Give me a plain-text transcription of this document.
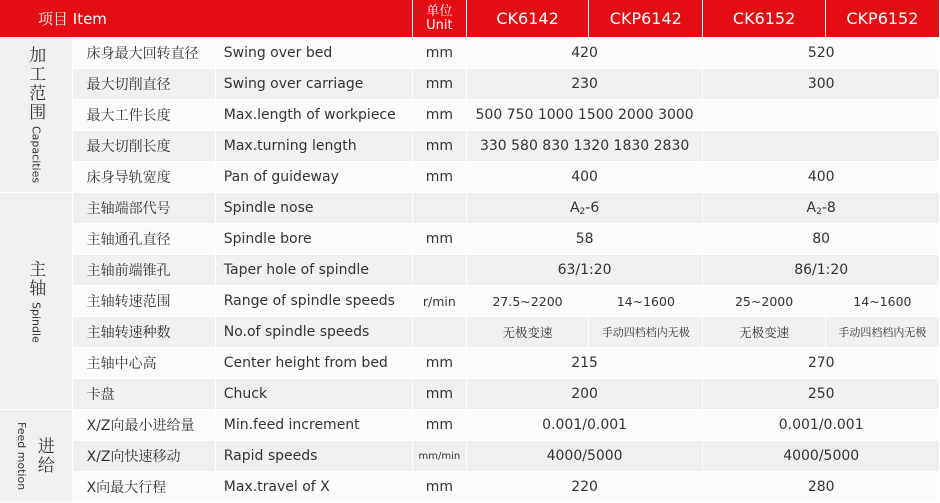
项目 Item			单位
Unit	CK6142	CKP6142	CK6152	CKP6152

加工范围
Capacities	床身最大回转直径	Swing over bed	mm	420		520	
	最大切削直径	Swing over carriage	mm	230		300	
	最大工件长度	Max.length of workpiece	mm	500 750 1000 1500 2000 3000			
	最大切削长度	Max.turning length	mm	330 580 830 1320 1830 2830			
	床身导轨宽度	Pan of guideway	mm	400		400	

主轴
Spindle	主轴端部代号	Spindle nose		$A_2-6$		$A_2-8$	
	主轴通孔直径	Spindle bore	mm	58		80	
	主轴前端锥孔	Taper hole of spindle		63/1:20		86/1:20	
	主轴转速范围	Range of spindle speeds	r/min	27.5~2200	14~1600	25~2000	14~1600
	主轴转速种数	No.of spindle speeds		无极变速	手动四档档内无极	无极变速	手动四档档内无极
	主轴中心高	Center height from bed	mm	215		270	
	卡盘	Chuck	mm	200		250	

Feed motion 进给	X/Z向最小进给量	Min.feed increment	mm	0.001/0.001		0.001/0.001	
	X/Z向快速移动	Rapid speeds	mm/min	4000/5000		4000/5000	
	X向最大行程	Max.travel of X	mm	220		280	
